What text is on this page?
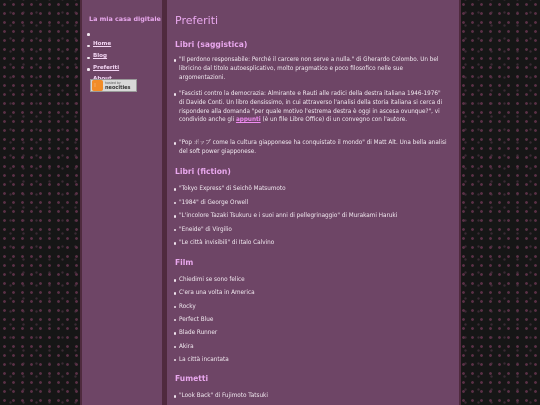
La mia casa digitale
Home
Blog
Preferiti
hosted by
neocities
Preferiti
Libri (saggistica)
"Il perdono responsabile: Perché il carcere non serve a nulla." di Gherardo Colombo. Un bel libricino dal titolo autoesplicativo, molto pragmatico e poco filosofico nelle sue argomentazioni.
"Fascisti contro la democrazia: Almirante e Rauti alle radici della destra italiana 1946-1976" di Davide Conti. Un libro densissimo, in cui attraverso l'analisi della storia italiana si cerca di rispondere alla domanda "per quale motivo l'estrema destra è oggi in ascesa ovunque?", vi condivido anche gli appunti (è un file Libre Office) di un convegno con l'autore.
"Pop ポップ come la cultura giapponese ha conquistato il mondo" di Matt Alt. Una bella analisi del soft power giapponese.
Libri (fiction)
"Tokyo Express" di Seichō Matsumoto
"1984" di George Orwell
"L'incolore Tazaki Tsukuru e i suoi anni di pellegrinaggio" di Murakami Haruki
"Eneide" di Virgilio
"Le città invisibili" di Italo Calvino
Film
Chiedimi se sono felice
C'era una volta in America
Rocky
Perfect Blue
Blade Runner
Akira
La città incantata
Fumetti
"Look Back" di Fujimoto Tatsuki
